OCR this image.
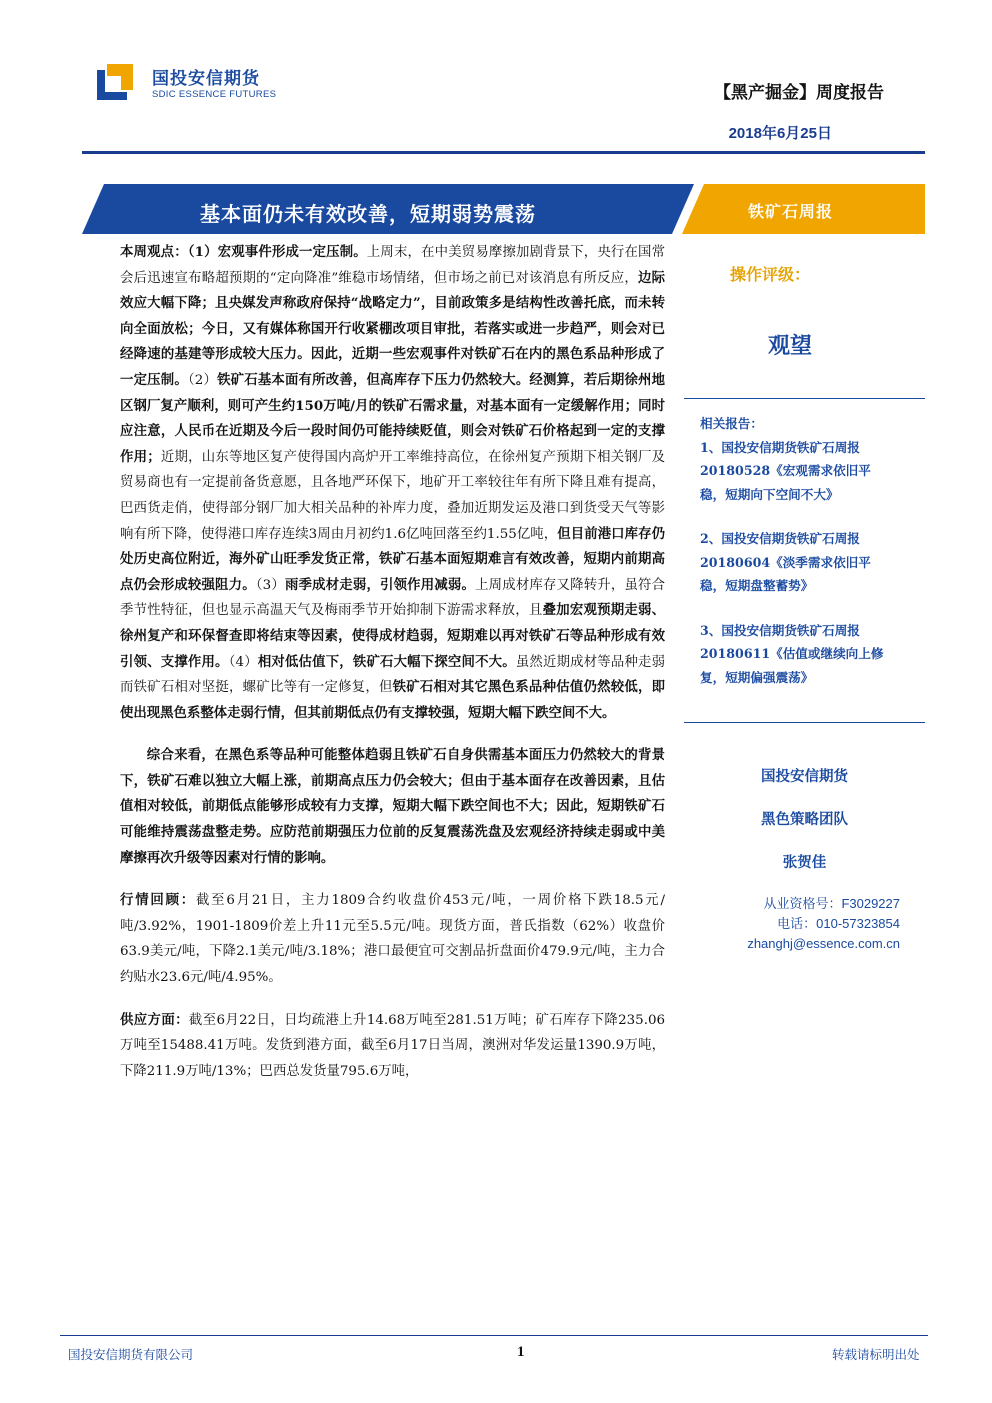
国投安信期货
SDIC ESSENCE FUTURES	【黑产掘金】周度报告
2018年6月25日
基本面仍未有效改善，短期弱势震荡	铁矿石周报

本周观点：（1）宏观事件形成一定压制。上周末，在中美贸易摩擦加剧背景下，央行在国常会后迅速宣布略超预期的“定向降准”维稳市场情绪，但市场之前已对该消息有所反应，边际效应大幅下降；且央媒发声称政府保持“战略定力”，目前政策多是结构性改善托底，而未转向全面放松；今日，又有媒体称国开行收紧棚改项目审批，若落实或进一步趋严，则会对已经降速的基建等形成较大压力。因此，近期一些宏观事件对铁矿石在内的黑色系品种形成了一定压制。（2）铁矿石基本面有所改善，但高库存下压力仍然较大。经测算，若后期徐州地区钢厂复产顺利，则可产生约150万吨/月的铁矿石需求量，对基本面有一定缓解作用；同时应注意，人民币在近期及今后一段时间仍可能持续贬值，则会对铁矿石价格起到一定的支撑作用；近期，山东等地区复产使得国内高炉开工率维持高位，在徐州复产预期下相关钢厂及贸易商也有一定提前备货意愿，且各地严环保下，地矿开工率较往年有所下降且难有提高，巴西货走俏，使得部分钢厂加大相关品种的补库力度，叠加近期发运及港口到货受天气等影响有所下降，使得港口库存连续3周由月初约1.6亿吨回落至约1.55亿吨，但目前港口库存仍处历史高位附近，海外矿山旺季发货正常，铁矿石基本面短期难言有效改善，短期内前期高点仍会形成较强阻力。（3）雨季成材走弱，引领作用减弱。上周成材库存又降转升，虽符合季节性特征，但也显示高温天气及梅雨季节开始抑制下游需求释放，且叠加宏观预期走弱、徐州复产和环保督查即将结束等因素，使得成材趋弱，短期难以再对铁矿石等品种形成有效引领、支撑作用。（4）相对低估值下，铁矿石大幅下探空间不大。虽然近期成材等品种走弱而铁矿石相对坚挺，螺矿比等有一定修复，但铁矿石相对其它黑色系品种估值仍然较低，即使出现黑色系整体走弱行情，但其前期低点仍有支撑较强，短期大幅下跌空间不大。

综合来看，在黑色系等品种可能整体趋弱且铁矿石自身供需基本面压力仍然较大的背景下，铁矿石难以独立大幅上涨，前期高点压力仍会较大；但由于基本面存在改善因素，且估值相对较低，前期低点能够形成较有力支撑，短期大幅下跌空间也不大；因此，短期铁矿石可能维持震荡盘整走势。应防范前期强压力位前的反复震荡洗盘及宏观经济持续走弱或中美摩擦再次升级等因素对行情的影响。

行情回顾：截至6月21日，主力1809合约收盘价453元/吨，一周价格下跌18.5元/吨/3.92%，1901-1809价差上升11元至5.5元/吨。现货方面，普氏指数（62%）收盘价63.9美元/吨，下降2.1美元/吨/3.18%；港口最便宜可交割品折盘面价479.9元/吨，主力合约贴水23.6元/吨/4.95%。

供应方面：截至6月22日，日均疏港上升14.68万吨至281.51万吨；矿石库存下降235.06万吨至15488.41万吨。发货到港方面，截至6月17日当周，澳洲对华发运量1390.9万吨，下降211.9万吨/13%；巴西总发货量795.6万吨，

操作评级：
观望

相关报告：

1、国投安信期货铁矿石周报
20180528《宏观需求依旧平
稳，短期向下空间不大》

2、国投安信期货铁矿石周报
20180604《淡季需求依旧平
稳，短期盘整蓄势》

3、国投安信期货铁矿石周报
20180611《估值或继续向上修
复，短期偏强震荡》

国投安信期货
黑色策略团队
张贺佳

从业资格号：F3029227

电话：010-57323854

zhanghj@essence.com.cn

国投安信期货有限公司	1	转载请标明出处
